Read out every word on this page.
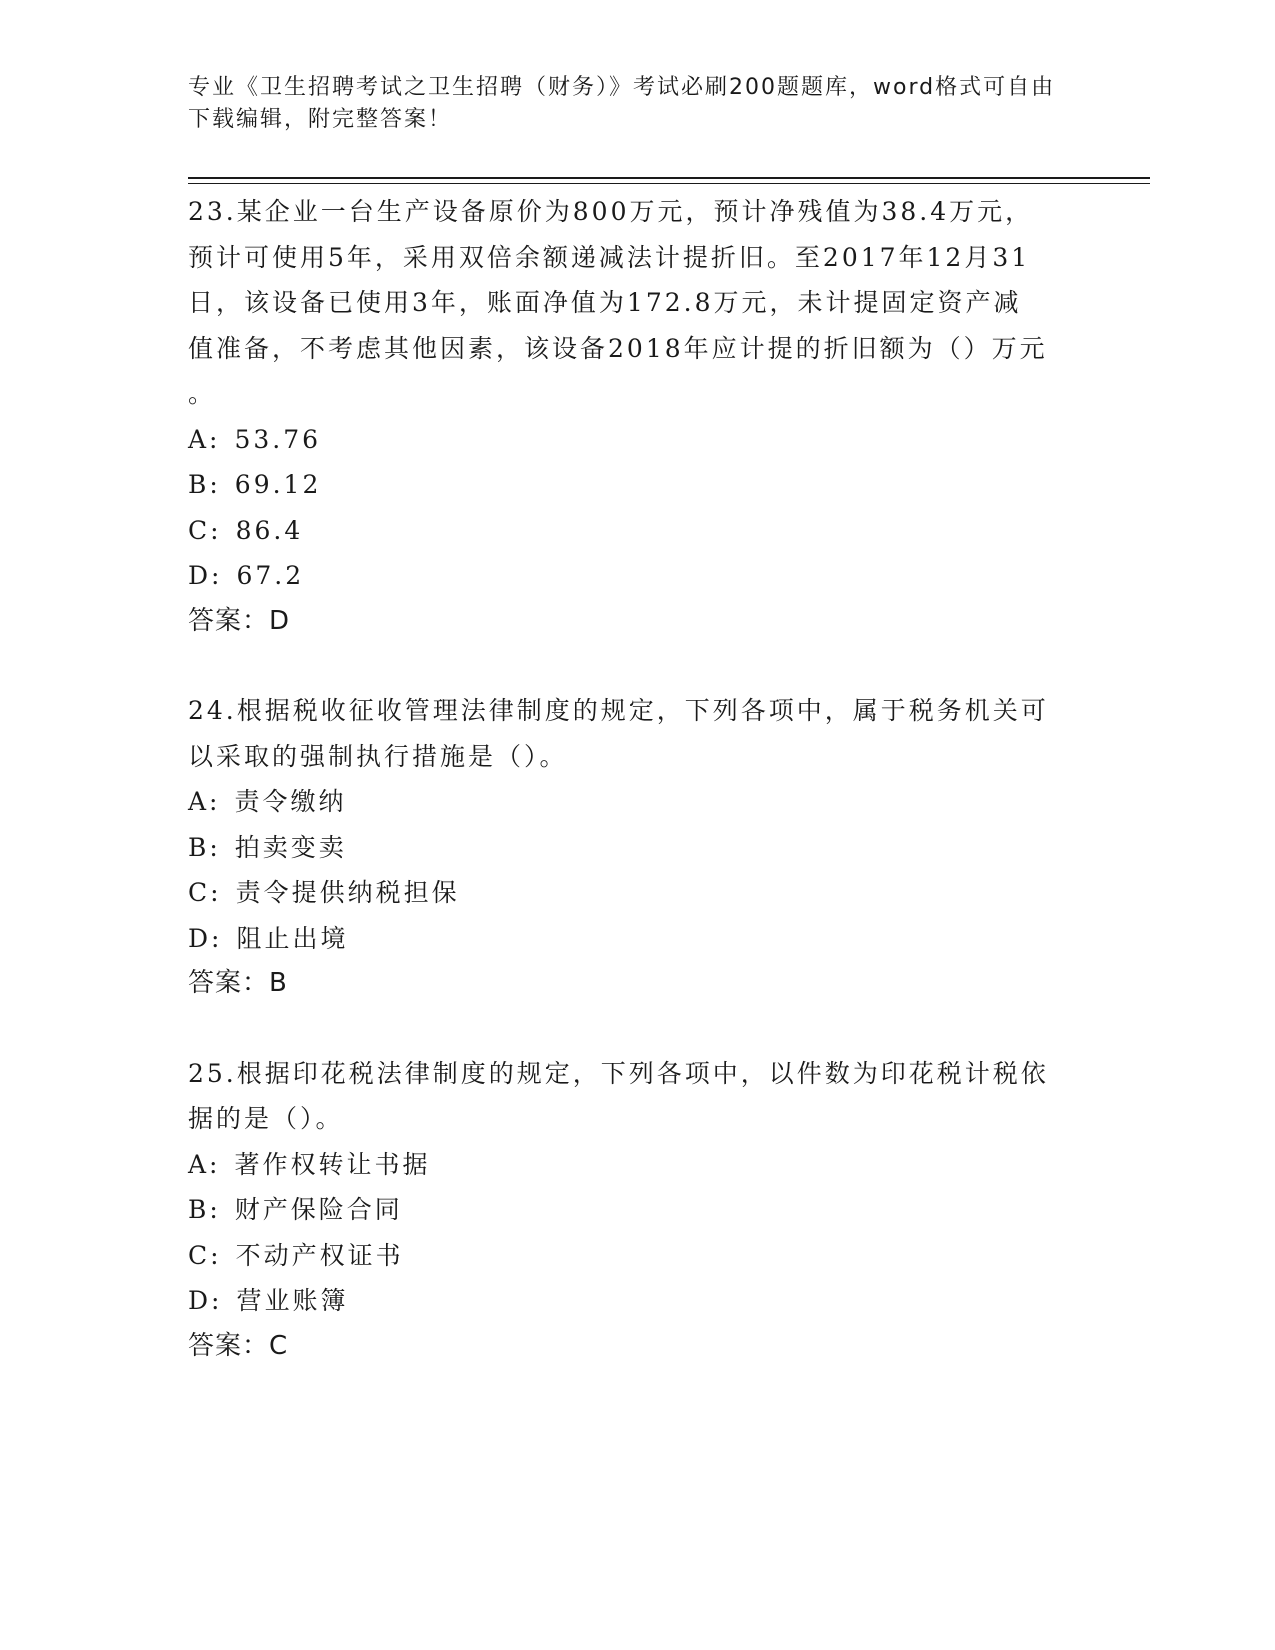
专业《卫生招聘考试之卫生招聘（财务）》考试必刷200题题库，word格式可自由下载编辑，附完整答案！
23.某企业一台生产设备原价为800万元，预计净残值为38.4万元，
预计可使用5年，采用双倍余额递减法计提折旧。至2017年12月31
日，该设备已使用3年，账面净值为172.8万元，未计提固定资产减
值准备，不考虑其他因素，该设备2018年应计提的折旧额为（）万元
。
A: 53.76
B: 69.12
C: 86.4
D: 67.2
答案：D
24.根据税收征收管理法律制度的规定，下列各项中，属于税务机关可
以采取的强制执行措施是（）。
A: 责令缴纳
B: 拍卖变卖
C: 责令提供纳税担保
D: 阻止出境
答案：B
25.根据印花税法律制度的规定，下列各项中，以件数为印花税计税依
据的是（）。
A: 著作权转让书据
B: 财产保险合同
C: 不动产权证书
D: 营业账簿
答案：C
